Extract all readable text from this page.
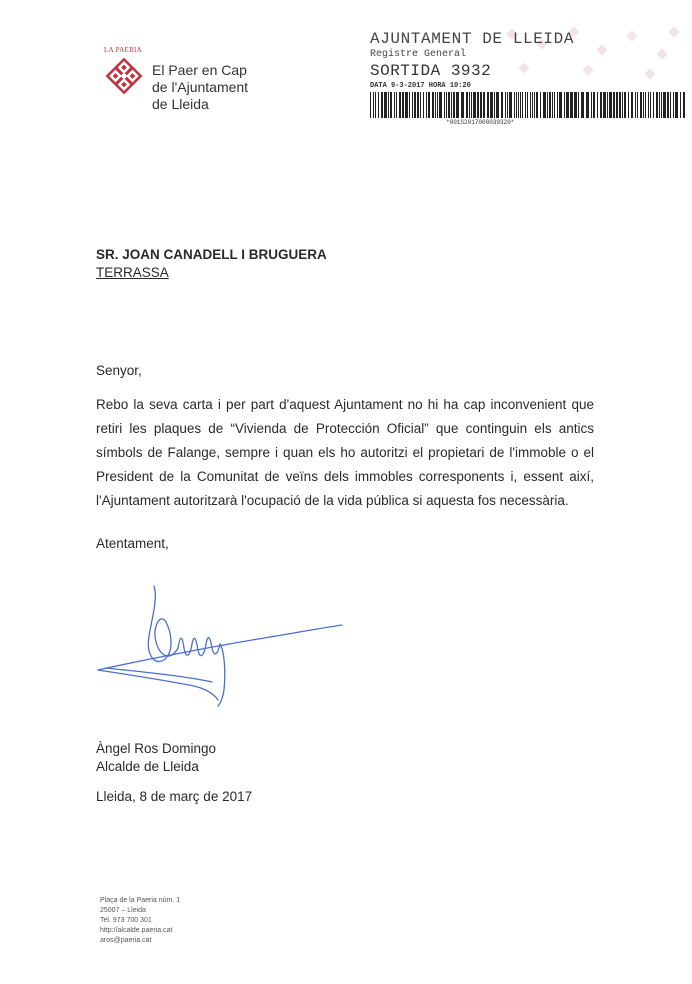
LA PAERIA
El Paer en Cap
de l'Ajuntament
de Lleida
AJUNTAMENT DE LLEIDA
Registre General
SORTIDA 3932
DATA 9-3-2017 HORA 10:20
*001S2017000039320*
SR. JOAN CANADELL I BRUGUERA
TERRASSA
Senyor,
Rebo la seva carta i per part d'aquest Ajuntament no hi ha cap inconvenient que
retiri les plaques de “Vivienda de Protección Oficial” que continguin els antics
símbols de Falange, sempre i quan els ho autoritzi el propietari de l'immoble o el
President de la Comunitat de veïns dels immobles corresponents i, essent així,
l'Ajuntament autoritzarà l'ocupació de la vida pública si aquesta fos necessària.
Atentament,
Àngel Ros Domingo
Alcalde de Lleida
Lleida, 8 de març de 2017
Plaça de la Paeria núm. 1
25007 – Lleida
Tel. 973 700 301
http://alcalde.paeria.cat
aros@paeria.cat
